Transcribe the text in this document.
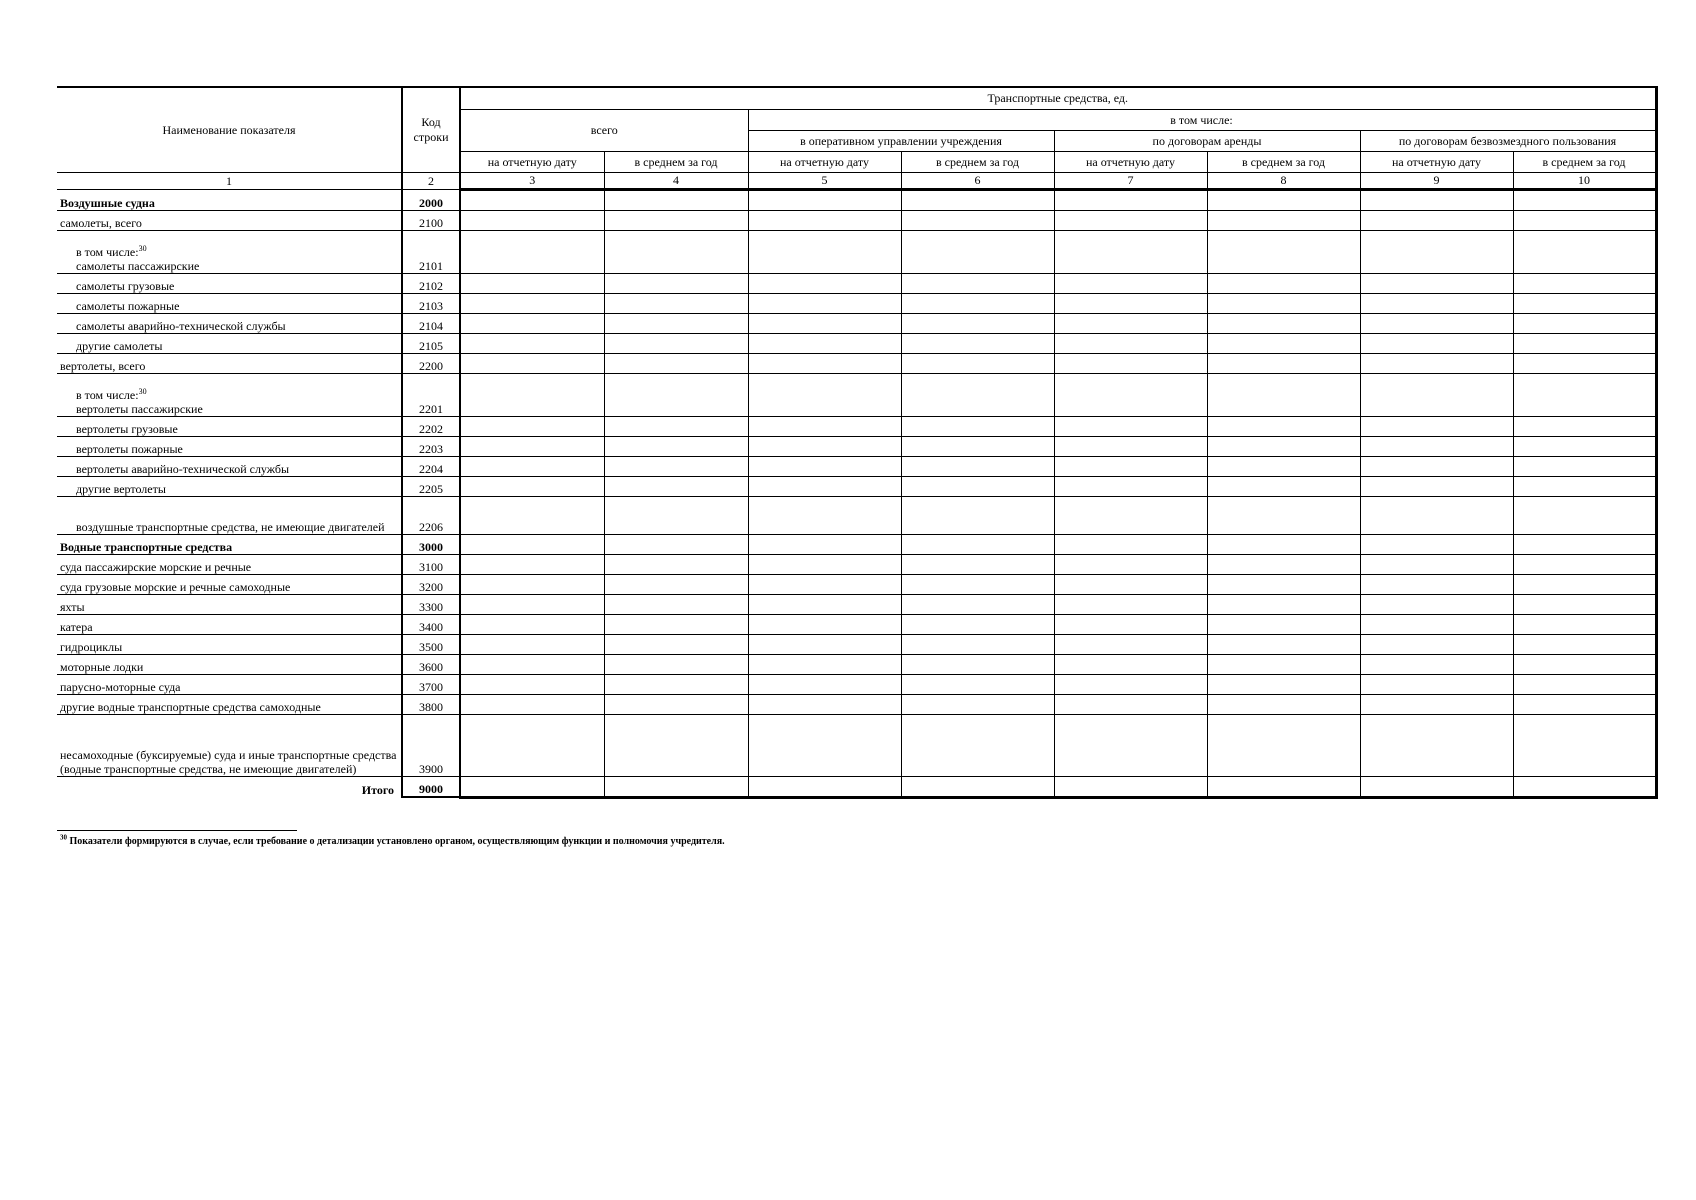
Наименование показателя	Код строки	Транспортные средства, ед.							
		всего		в том числе:					
				в оперативном управлении учреждения		по договорам аренды		по договорам безвозмездного пользования	
		на отчетную дату	в среднем за год	на отчетную дату	в среднем за год	на отчетную дату	в среднем за год	на отчетную дату	в среднем за год
1	2	3	4	5	6	7	8	9	10

Воздушные судна	2000								

самолеты, всего	2100								

в том числе:$^{30}$
самолеты пассажирские	2101								

самолеты грузовые	2102								

самолеты пожарные	2103								

самолеты аварийно-технической службы	2104								

другие самолеты	2105								

вертолеты, всего	2200								

в том числе:$^{30}$
вертолеты пассажирские	2201								

вертолеты грузовые	2202								

вертолеты пожарные	2203								

вертолеты аварийно-технической службы	2204								

другие вертолеты	2205								

воздушные транспортные средства, не имеющие двигателей	2206								

Водные транспортные средства	3000								

суда пассажирские морские и речные	3100								

суда грузовые морские и речные самоходные	3200								

яхты	3300								

катера	3400								

гидроциклы	3500								

моторные лодки	3600								

парусно-моторные суда	3700								

другие водные транспортные средства самоходные	3800								

несамоходные (буксируемые) суда и иные транспортные средства (водные транспортные средства, не имеющие двигателей)	3900								
Итого	9000								
$^{30}$ Показатели формируются в случае, если требование о детализации установлено органом, осуществляющим функции и полномочия учредителя.
